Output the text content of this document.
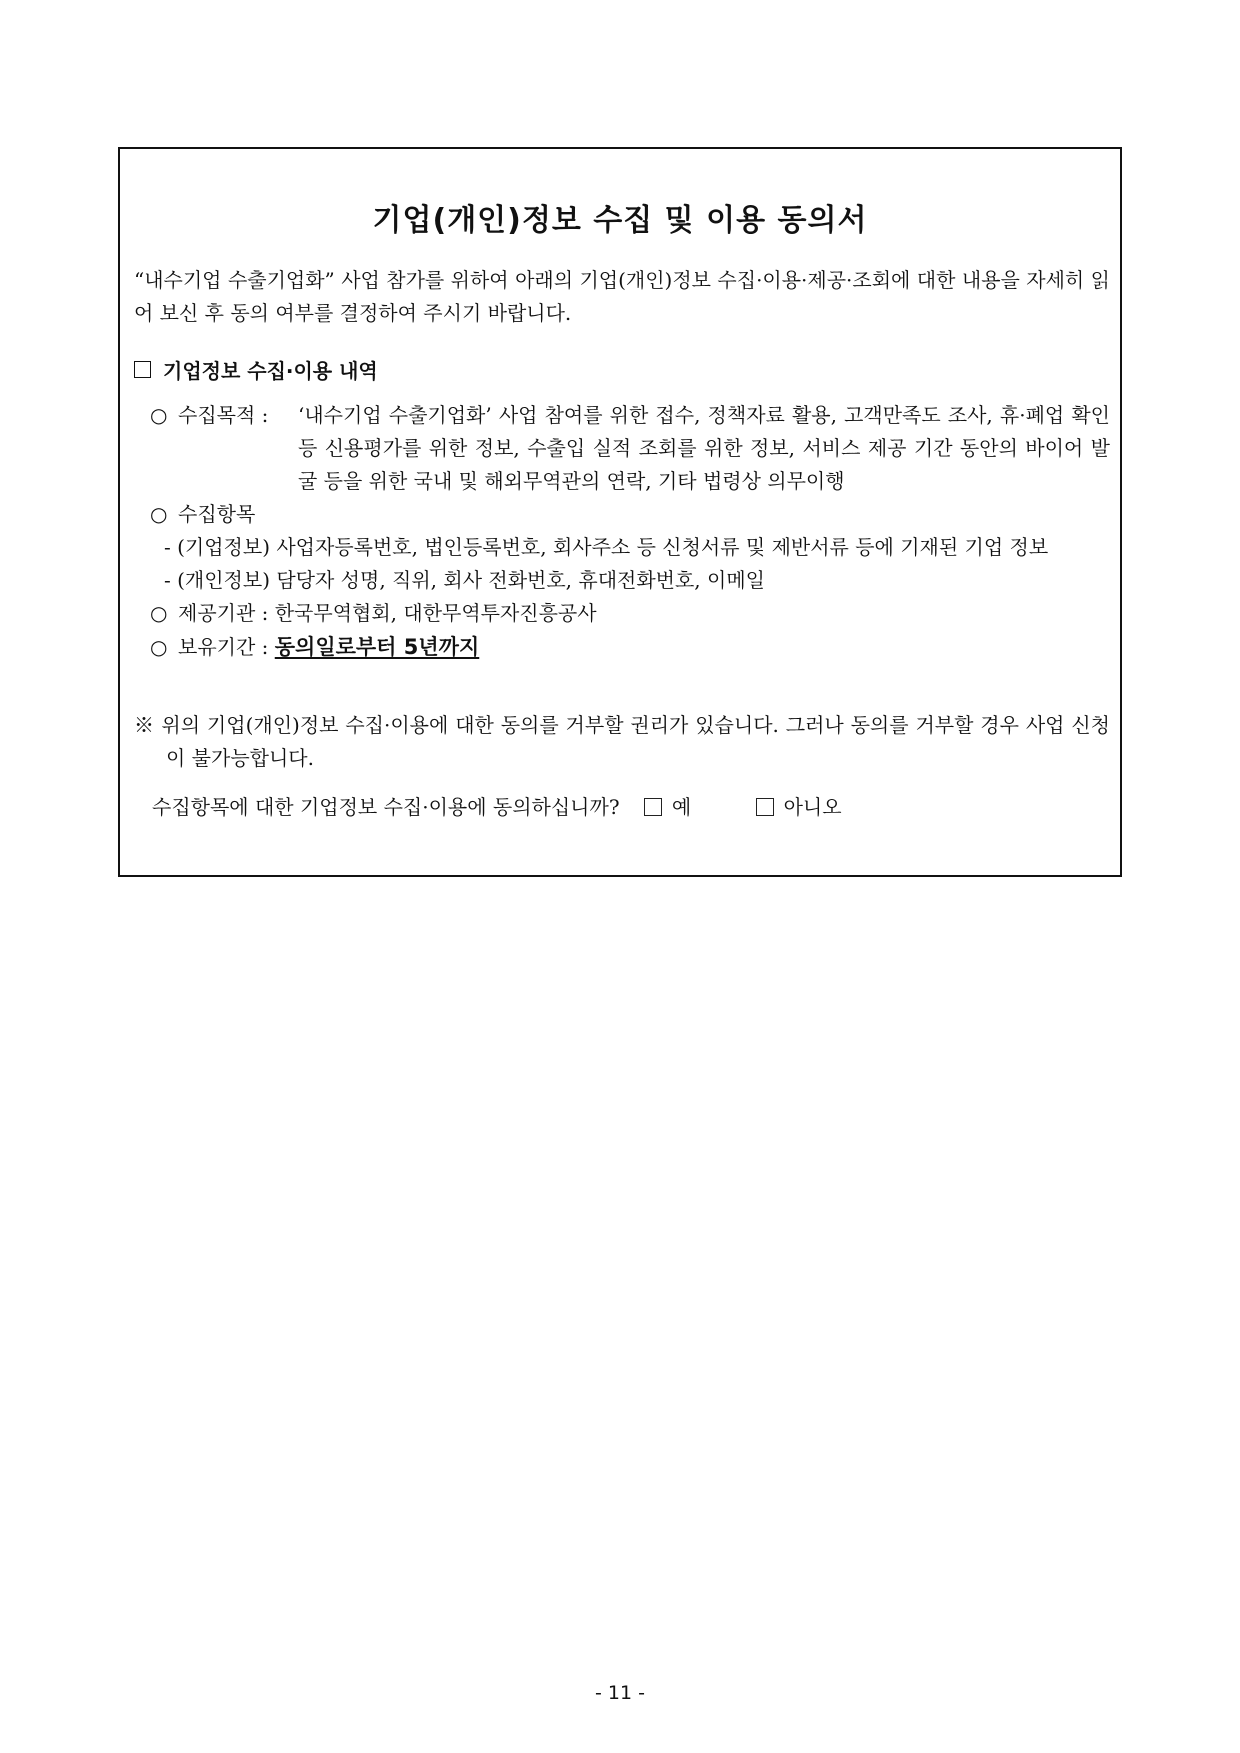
기업(개인)정보 수집 및 이용 동의서
“내수기업 수출기업화” 사업 참가를 위하여 아래의 기업(개인)정보 수집·이용·제공·조회에 대한 내용을 자세히 읽어 보신 후 동의 여부를 결정하여 주시기 바랍니다.
기업정보 수집·이용 내역
○ 수집목적 : ‘내수기업 수출기업화’ 사업 참여를 위한 접수, 정책자료 활용, 고객만족도 조사, 휴·폐업 확인 등 신용평가를 위한 정보, 수출입 실적 조회를 위한 정보, 서비스 제공 기간 동안의 바이어 발굴 등을 위한 국내 및 해외무역관의 연락, 기타 법령상 의무이행
○ 수집항목
- (기업정보) 사업자등록번호, 법인등록번호, 회사주소 등 신청서류 및 제반서류 등에 기재된 기업 정보
- (개인정보) 담당자 성명, 직위, 회사 전화번호, 휴대전화번호, 이메일
○ 제공기관 : 한국무역협회, 대한무역투자진흥공사
○ 보유기간 : 동의일로부터 5년까지
※ 위의 기업(개인)정보 수집·이용에 대한 동의를 거부할 권리가 있습니다. 그러나 동의를 거부할 경우 사업 신청이 불가능합니다.
수집항목에 대한 기업정보 수집·이용에 동의하십니까?	예	아니오
- 11 -
